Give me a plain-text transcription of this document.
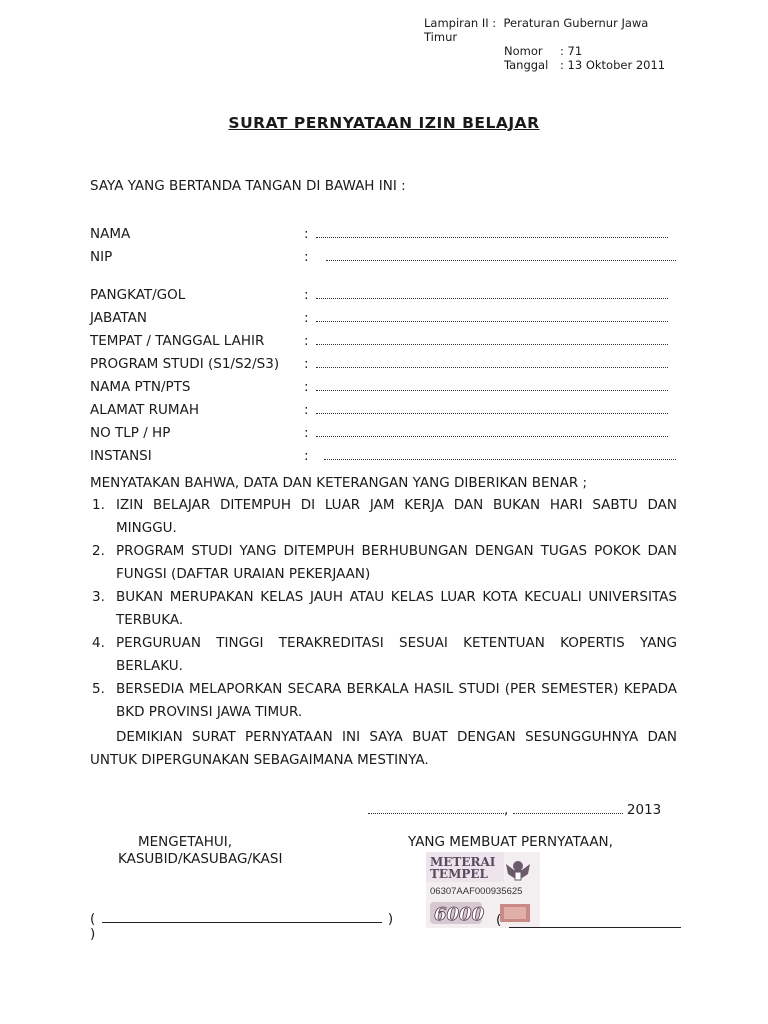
Lampiran II : Peraturan Gubernur Jawa
Timur
Nomor	: 71
Tanggal	: 13 Oktober 2011
SURAT PERNYATAAN IZIN BELAJAR
SAYA YANG BERTANDA TANGAN DI BAWAH INI :
NAMA	:
NIP	:
PANGKAT/GOL	:
JABATAN	:
TEMPAT / TANGGAL LAHIR	:
PROGRAM STUDI (S1/S2/S3)	:
NAMA PTN/PTS	:
ALAMAT RUMAH	:
NO TLP / HP	:
INSTANSI	:
MENYATAKAN BAHWA, DATA DAN KETERANGAN YANG DIBERIKAN BENAR ;
1. IZIN BELAJAR DITEMPUH DI LUAR JAM KERJA DAN BUKAN HARI SABTU DAN MINGGU.
2. PROGRAM STUDI YANG DITEMPUH BERHUBUNGAN DENGAN TUGAS POKOK DAN FUNGSI (DAFTAR URAIAN PEKERJAAN)
3. BUKAN MERUPAKAN KELAS JAUH ATAU KELAS LUAR KOTA KECUALI UNIVERSITAS TERBUKA.
4. PERGURUAN TINGGI TERAKREDITASI SESUAI KETENTUAN KOPERTIS YANG BERLAKU.
5. BERSEDIA MELAPORKAN SECARA BERKALA HASIL STUDI (PER SEMESTER) KEPADA BKD PROVINSI JAWA TIMUR.
DEMIKIAN SURAT PERNYATAAN INI SAYA BUAT DENGAN SESUNGGUHNYA DAN UNTUK DIPERGUNAKAN SEBAGAIMANA MESTINYA.
,

	2013
MENGETAHUI,
KASUBID/KASUBAG/KASI
YANG MEMBUAT PERNYATAAN,
METERAI
TEMPEL
06307AAF000935625
6000
(	)
)
(
